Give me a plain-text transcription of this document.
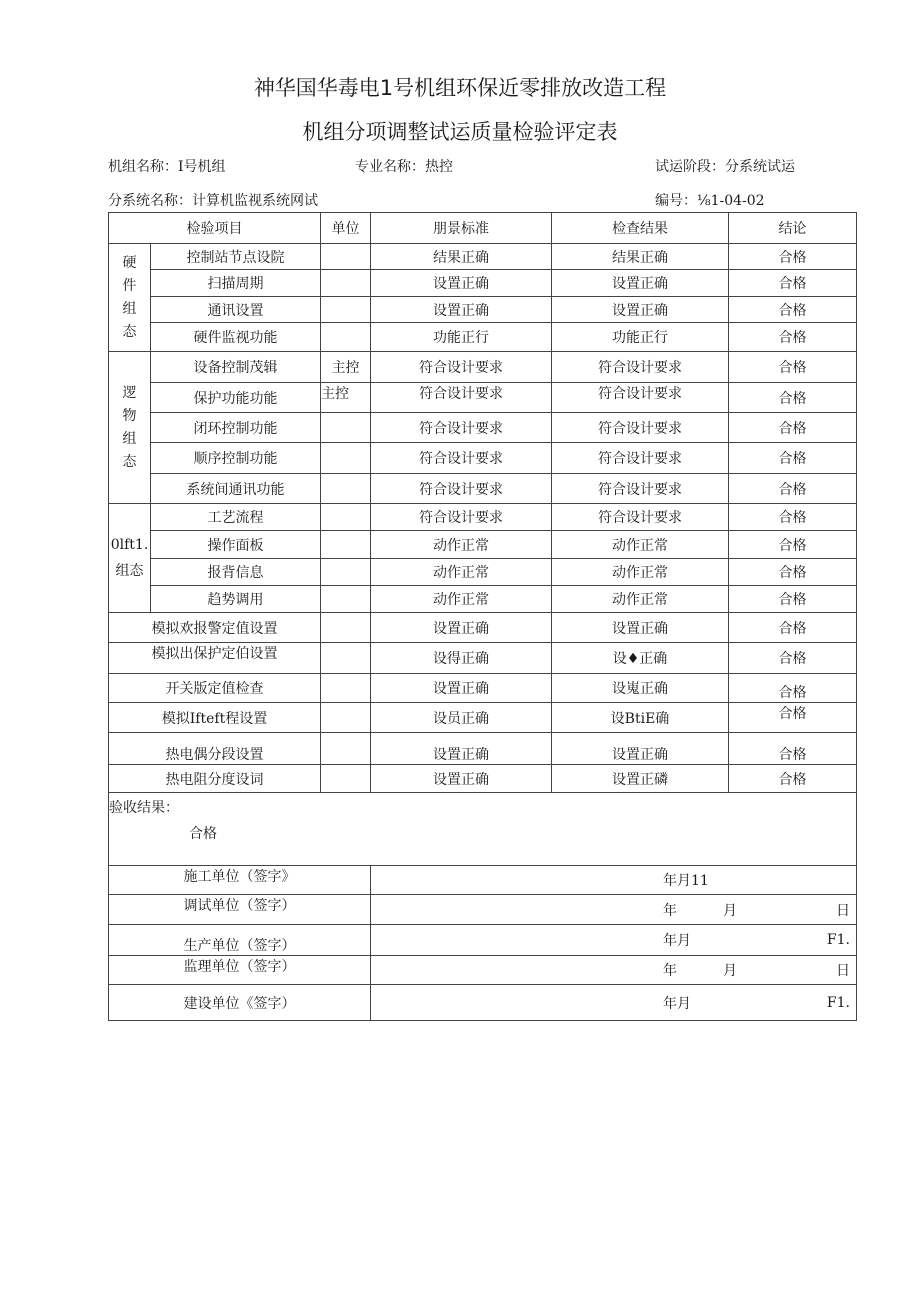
神华国华毒电1号机组环保近零排放改造工程
机组分项调整试运质量检验评定表
机组名称：I号机组	专业名称：热控	试运阶段：分系统试运
分系统名称：计算机监视系统网试	编号：⅛1-04-02
检验项目		单位	朋景标准	检查结果	结论
硬件组态	控制站节点设院		结果正确	结果正确	合格
	扫描周期		设置正确	设置正确	合格
	通讯设置		设置正确	设置正确	合格
	硬件监视功能		功能正行	功能正行	合格
逻物组态	设备控制茂辑	主控	符合设计要求	符合设计要求	合格
	保护功能功能	主控	符合设计要求	符合设计要求	合格
	闭环控制功能		符合设计要求	符合设计要求	合格
	顺序控制功能		符合设计要求	符合设计要求	合格
	系统间通讯功能		符合设计要求	符合设计要求	合格

0lft1.
组态	工艺流程		符合设计要求	符合设计要求	合格
	操作面板		动作正常	动作正常	合格
	报背信息		动作正常	动作正常	合格
	趋势调用		动作正常	动作正常	合格
模拟欢报警定值设置			设置正确	设置正确	合格
模拟出保护定伯设置			设得正确	设♦正确	合格
开关版定值检查			设置正确	设嵬正确	合格
模拟Ifteft程设置			设员正确	设BtiE确	合格
热电偶分段设置			设置正确	设置正确	合格
热电阻分度设词			设置正确	设置正磷	合格

验收结果：
合格					

施工单位（签字》			年月11		

调试单位（签字）			年 月 日		

生产单位（签字）			年月 F1.		

监理单位（签字）			年 月 日		

建设单位《签字）			年月 F1.		
